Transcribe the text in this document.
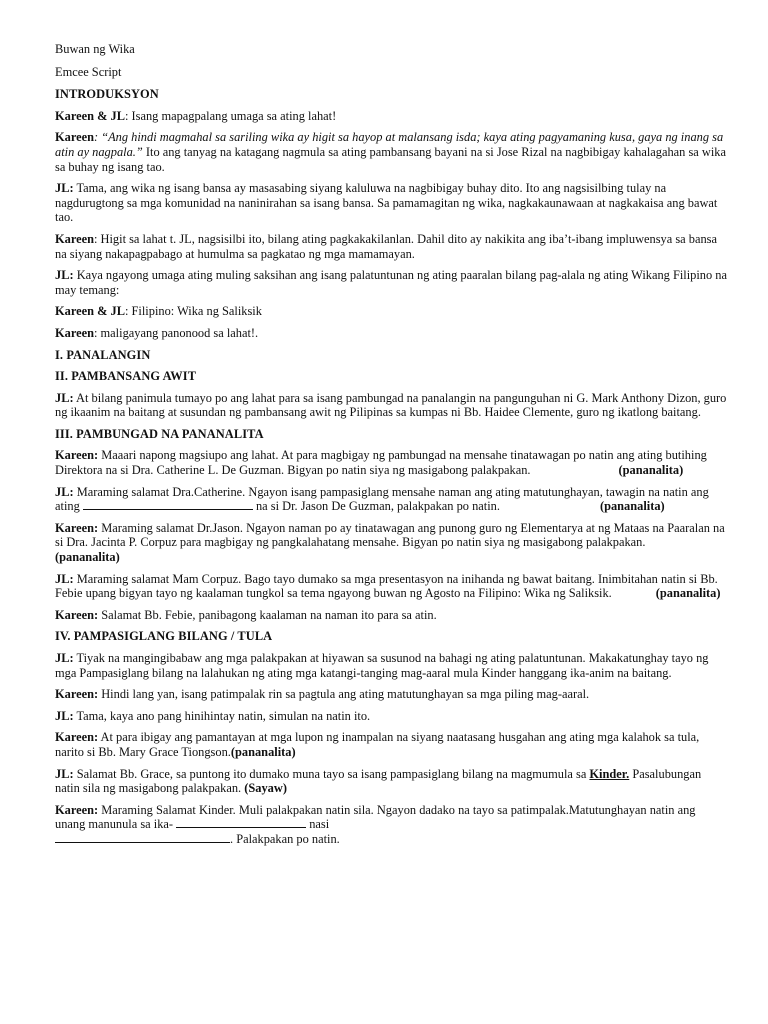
Buwan ng Wika

Emcee Script

INTRODUKSYON

Kareen & JL: Isang mapagpalang umaga sa ating lahat!

Kareen: “Ang hindi magmahal sa sariling wika ay higit sa hayop at malansang isda; kaya ating pagyamaning kusa, gaya ng inang sa atin ay nagpala.” Ito ang tanyag na katagang nagmula sa ating pambansang bayani na si Jose Rizal na nagbibigay kahalagahan sa wika sa buhay ng isang tao.

JL: Tama, ang wika ng isang bansa ay masasabing siyang kaluluwa na nagbibigay buhay dito. Ito ang nagsisilbing tulay na nagdurugtong sa mga komunidad na naninirahan sa isang bansa. Sa pamamagitan ng wika, nagkakaunawaan at nagkakaisa ang bawat tao.

Kareen: Higit sa lahat t. JL, nagsisilbi ito, bilang ating pagkakakilanlan. Dahil dito ay nakikita ang iba’t-ibang impluwensya sa bansa na siyang nakapagpabago at humulma sa pagkatao ng mga mamamayan.

JL: Kaya ngayong umaga ating muling saksihan ang isang palatuntunan ng ating paaralan bilang pag-alala ng ating Wikang Filipino na may temang:

Kareen & JL: Filipino: Wika ng Saliksik

Kareen: maligayang panonood sa lahat!.

I. PANALANGIN
II. PAMBANSANG AWIT

JL: At bilang panimula tumayo po ang lahat para sa isang pambungad na panalangin na pangunguhan ni G. Mark Anthony Dizon, guro ng ikaanim na baitang at susundan ng pambansang awit ng Pilipinas sa kumpas ni Bb. Haidee Clemente, guro ng ikatlong baitang.

III. PAMBUNGAD NA PANANALITA

Kareen: Maaari napong magsiupo ang lahat. At para magbigay ng pambungad na mensahe tinatawagan po natin ang ating butihing Direktora na si Dra. Catherine L. De Guzman. Bigyan po natin siya ng masigabong palakpakan.	(pananalita)

JL: Maraming salamat Dra.Catherine. Ngayon isang pampasiglang mensahe naman ang ating matutunghayan, tawagin na natin ang ating	na si Dr. Jason De Guzman, palakpakan po natin.	(pananalita)

Kareen: Maraming salamat Dr.Jason. Ngayon naman po ay tinatawagan ang punong guro ng Elementarya at ng Mataas na Paaralan na si Dra. Jacinta P. Corpuz para magbigay ng pangkalahatang mensahe. Bigyan po natin siya ng masigabong palakpakan.(pananalita)

JL: Maraming salamat Mam Corpuz. Bago tayo dumako sa mga presentasyon na inihanda ng bawat baitang. Inimbitahan natin si Bb. Febie upang bigyan tayo ng kaalaman tungkol sa tema ngayong buwan ng Agosto na Filipino: Wika ng Saliksik.	(pananalita)

Kareen: Salamat Bb. Febie, panibagong kaalaman na naman ito para sa atin.

IV. PAMPASIGLANG BILANG / TULA

JL: Tiyak na mangingibabaw ang mga palakpakan at hiyawan sa susunod na bahagi ng ating palatuntunan. Makakatunghay tayo ng mga Pampasiglang bilang na lalahukan ng ating mga katangi-tanging mag-aaral mula Kinder hanggang ika-anim na baitang.

Kareen: Hindi lang yan, isang patimpalak rin sa pagtula ang ating matutunghayan sa mga piling mag-aaral.

JL: Tama, kaya ano pang hinihintay natin, simulan na natin ito.

Kareen: At para ibigay ang pamantayan at mga lupon ng inampalan na siyang naatasang husgahan ang ating mga kalahok sa tula, narito si Bb. Mary Grace Tiongson.(pananalita)

JL: Salamat Bb. Grace, sa puntong ito dumako muna tayo sa isang pampasiglang bilang na magmumula sa Kinder. Pasalubungan natin sila ng masigabong palakpakan. (Sayaw)

Kareen: Maraming Salamat Kinder. Muli palakpakan natin sila. Ngayon dadako na tayo sa patimpalak.Matutunghayan natin ang unang manunula sa ika-	nasi
. Palakpakan po natin.
